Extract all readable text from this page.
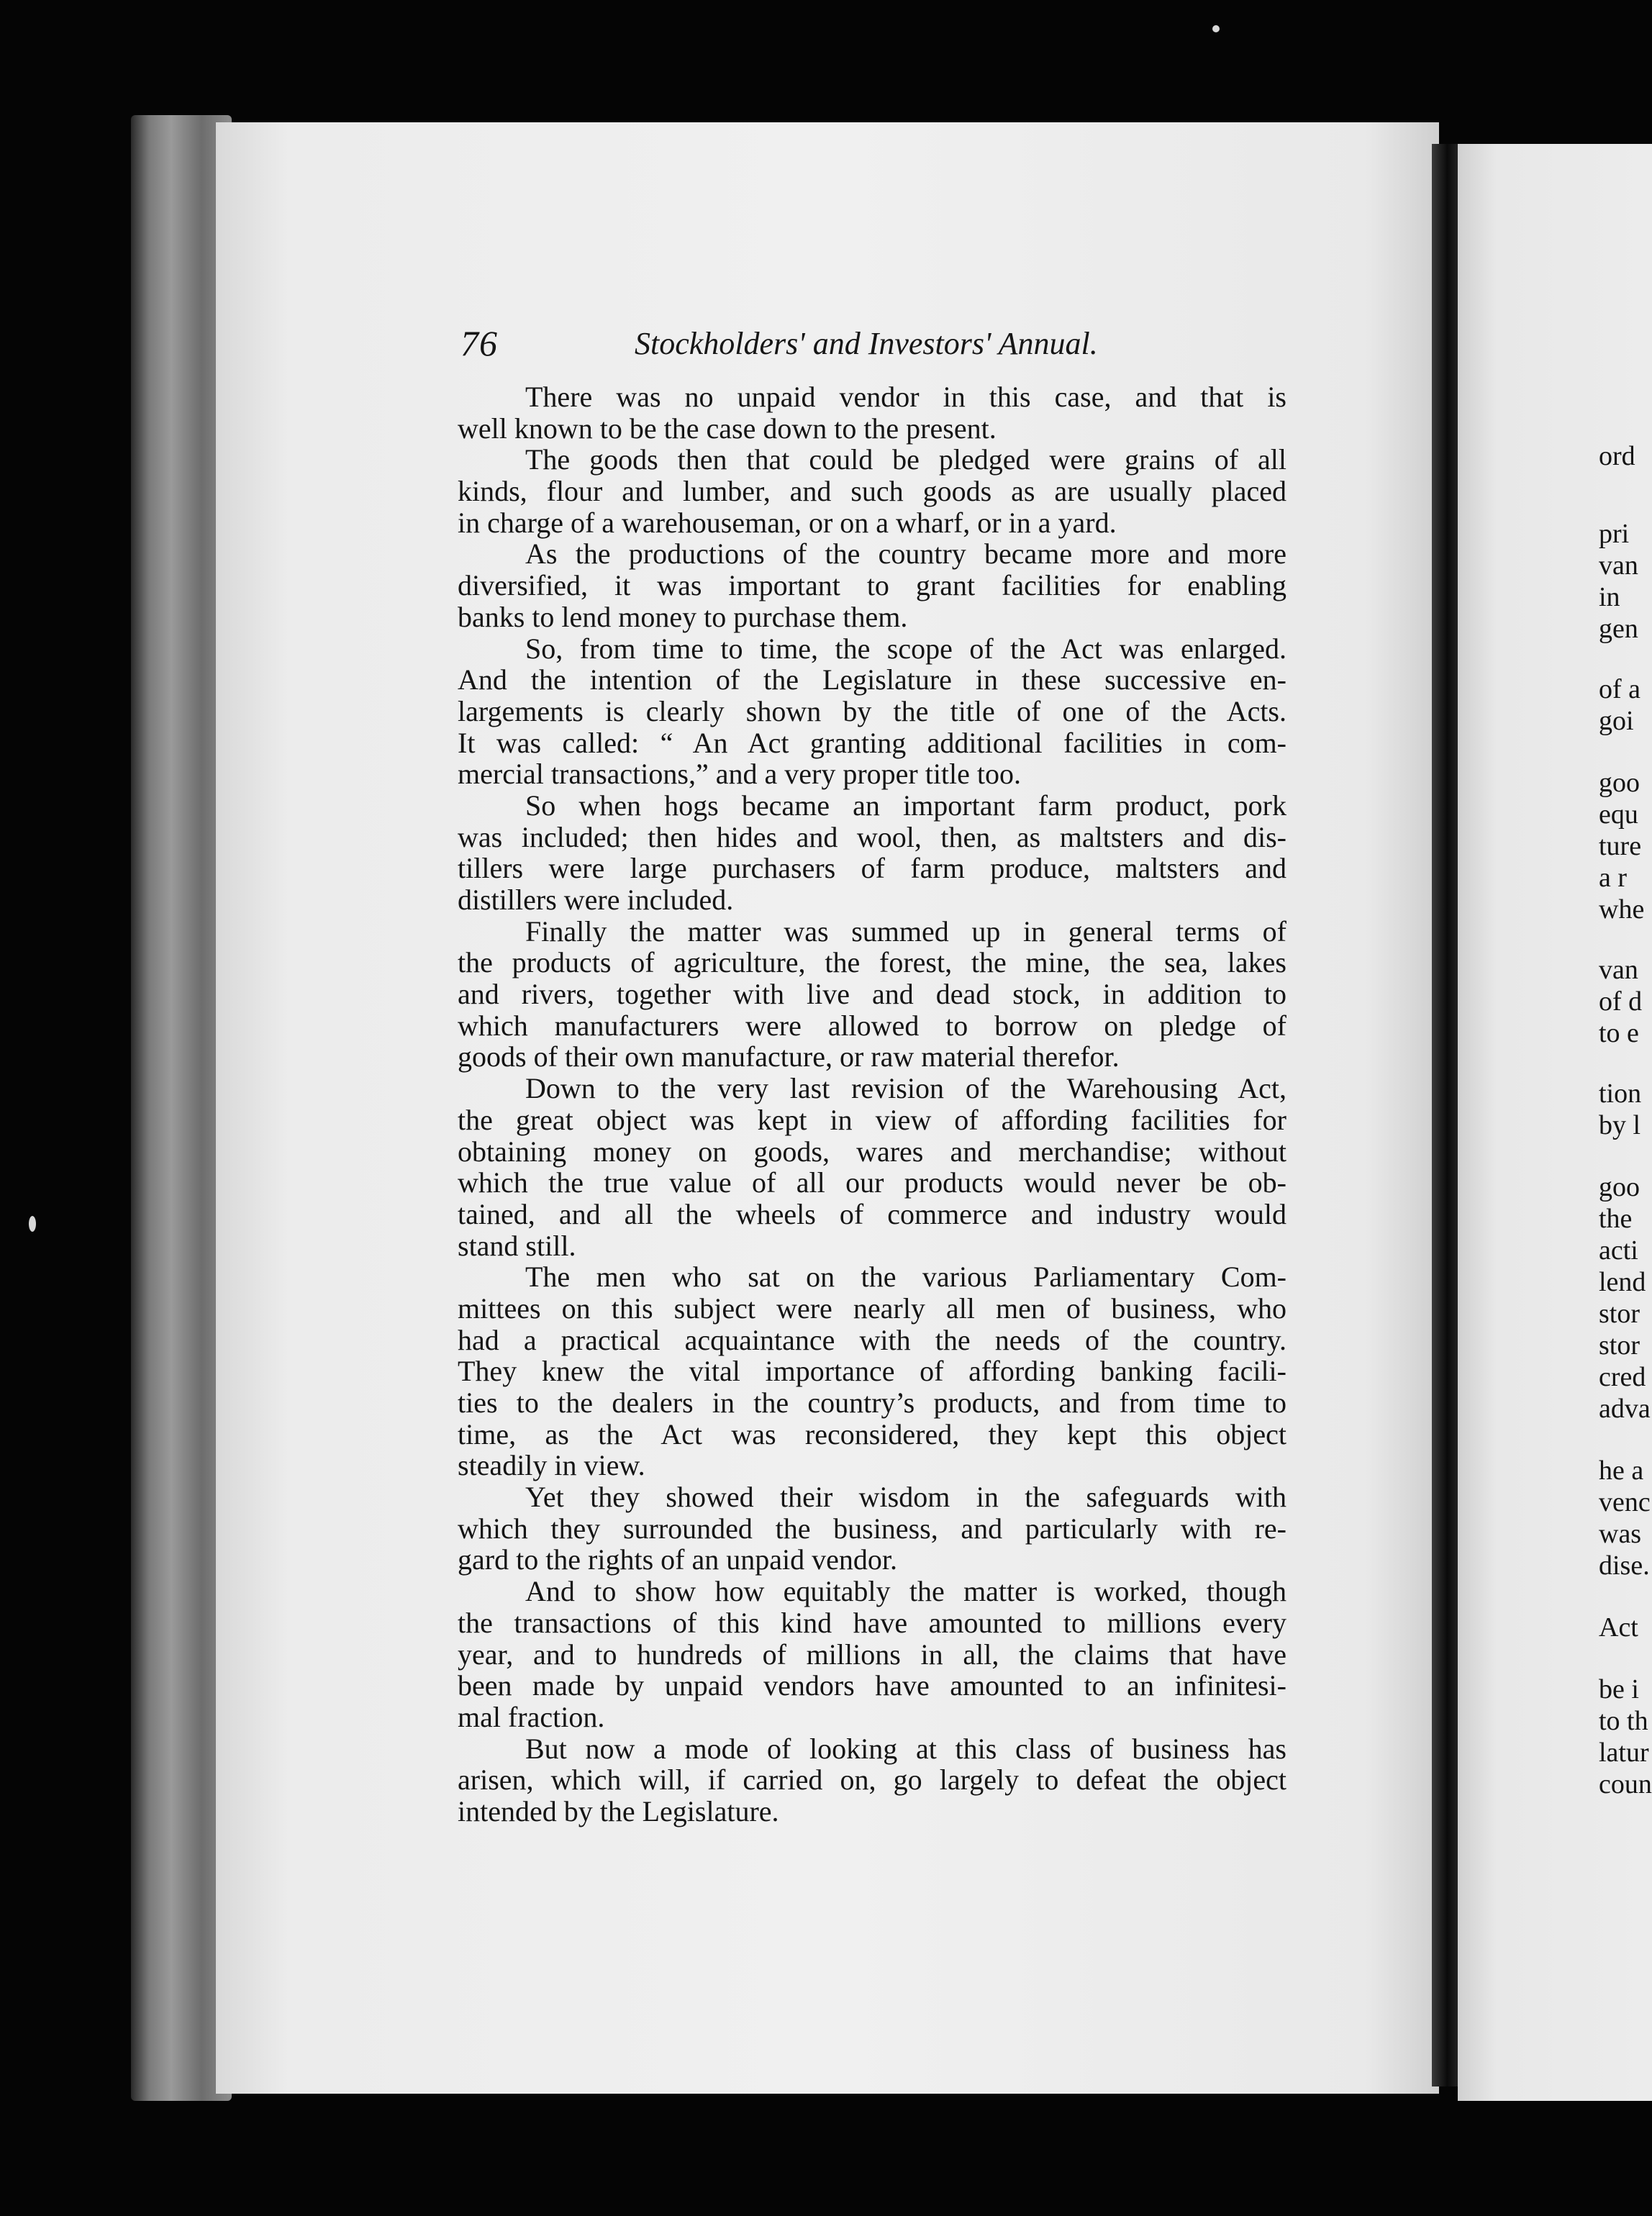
76	Stockholders' and Investors' Annual.
There was no unpaid vendor in this case, and that is
well known to be the case down to the present.
The goods then that could be pledged were grains of all
kinds, flour and lumber, and such goods as are usually placed
in charge of a warehouseman, or on a wharf, or in a yard.
As the productions of the country became more and more
diversified, it was important to grant facilities for enabling
banks to lend money to purchase them.
So, from time to time, the scope of the Act was enlarged.
And the intention of the Legislature in these successive en-
largements is clearly shown by the title of one of the Acts.
It was called: “ An Act granting additional facilities in com-
mercial transactions,” and a very proper title too.
So when hogs became an important farm product, pork
was included; then hides and wool, then, as maltsters and dis-
tillers were large purchasers of farm produce, maltsters and
distillers were included.
Finally the matter was summed up in general terms of
the products of agriculture, the forest, the mine, the sea, lakes
and rivers, together with live and dead stock, in addition to
which manufacturers were allowed to borrow on pledge of
goods of their own manufacture, or raw material therefor.
Down to the very last revision of the Warehousing Act,
the great object was kept in view of affording facilities for
obtaining money on goods, wares and merchandise; without
which the true value of all our products would never be ob-
tained, and all the wheels of commerce and industry would
stand still.
The men who sat on the various Parliamentary Com-
mittees on this subject were nearly all men of business, who
had a practical acquaintance with the needs of the country.
They knew the vital importance of affording banking facili-
ties to the dealers in the country’s products, and from time to
time, as the Act was reconsidered, they kept this object
steadily in view.
Yet they showed their wisdom in the safeguards with
which they surrounded the business, and particularly with re-
gard to the rights of an unpaid vendor.
And to show how equitably the matter is worked, though
the transactions of this kind have amounted to millions every
year, and to hundreds of millions in all, the claims that have
been made by unpaid vendors have amounted to an infinitesi-
mal fraction.
But now a mode of looking at this class of business has
arisen, which will, if carried on, go largely to defeat the object
intended by the Legislature.
ord
pri
van
in
gen
of a
goi
goo
equ
ture
a r
whe
van
of d
to e
tion
by l
goo
the
acti
lend
stor
stor
cred
adva
he a
venc
was
dise.
Act
be i
to th
latur
coun
